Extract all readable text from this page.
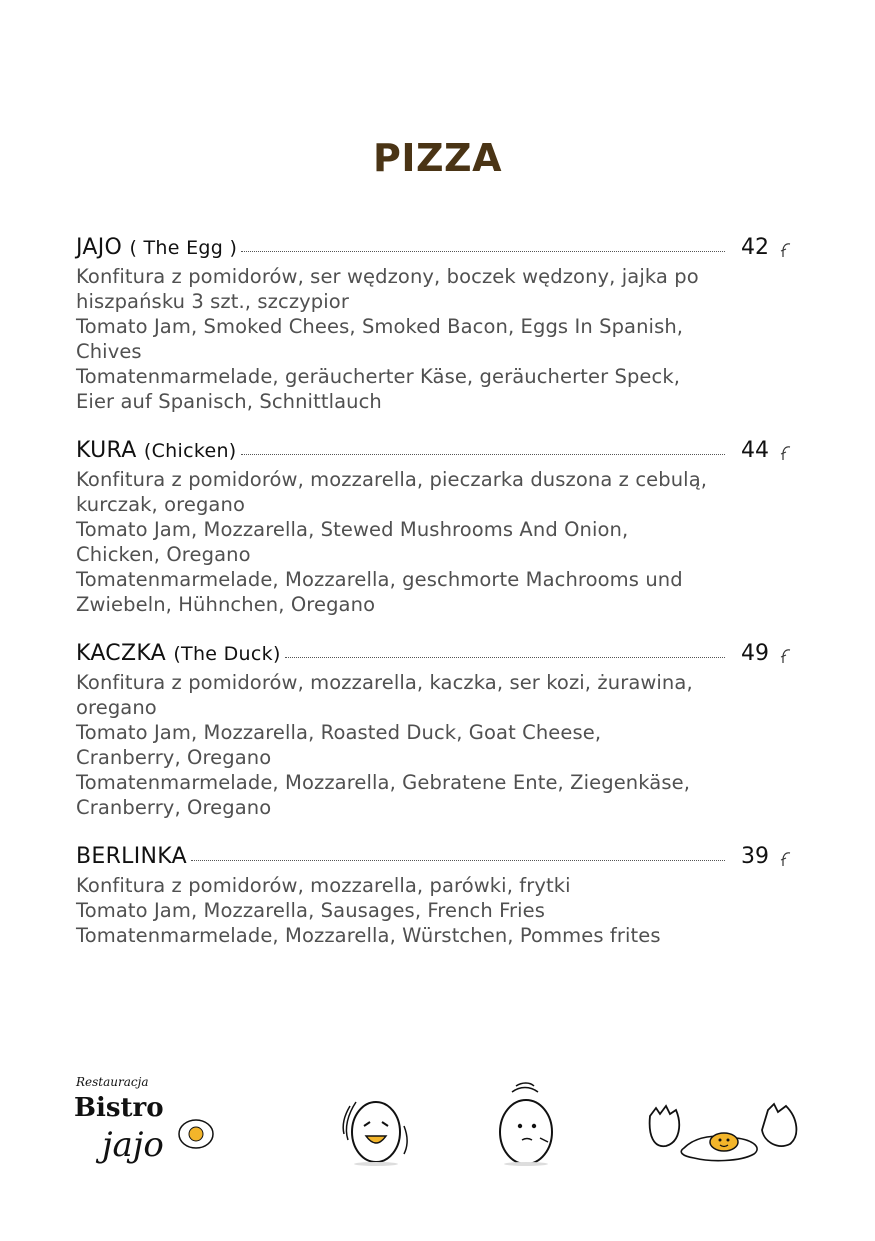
PIZZA
JAJO ( The Egg )	42
Konfitura z pomidorów, ser wędzony, boczek wędzony, jajka po
hiszpańsku 3 szt., szczypior
Tomato Jam, Smoked Chees, Smoked Bacon, Eggs In Spanish,
Chives
Tomatenmarmelade, geräucherter Käse, geräucherter Speck,
Eier auf Spanisch, Schnittlauch
KURA (Chicken)	44
Konfitura z pomidorów, mozzarella, pieczarka duszona z cebulą,
kurczak, oregano
Tomato Jam, Mozzarella, Stewed Mushrooms And Onion,
Chicken, Oregano
Tomatenmarmelade, Mozzarella, geschmorte Machrooms und
Zwiebeln, Hühnchen, Oregano
KACZKA (The Duck)	49
Konfitura z pomidorów, mozzarella, kaczka, ser kozi, żurawina,
oregano
Tomato Jam, Mozzarella, Roasted Duck, Goat Cheese,
Cranberry, Oregano
Tomatenmarmelade, Mozzarella, Gebratene Ente, Ziegenkäse,
Cranberry, Oregano
BERLINKA	39
Konfitura z pomidorów, mozzarella, parówki, frytki
Tomato Jam, Mozzarella, Sausages, French Fries
Tomatenmarmelade, Mozzarella, Würstchen, Pommes frites
Restauracja
Bistro
jajo
